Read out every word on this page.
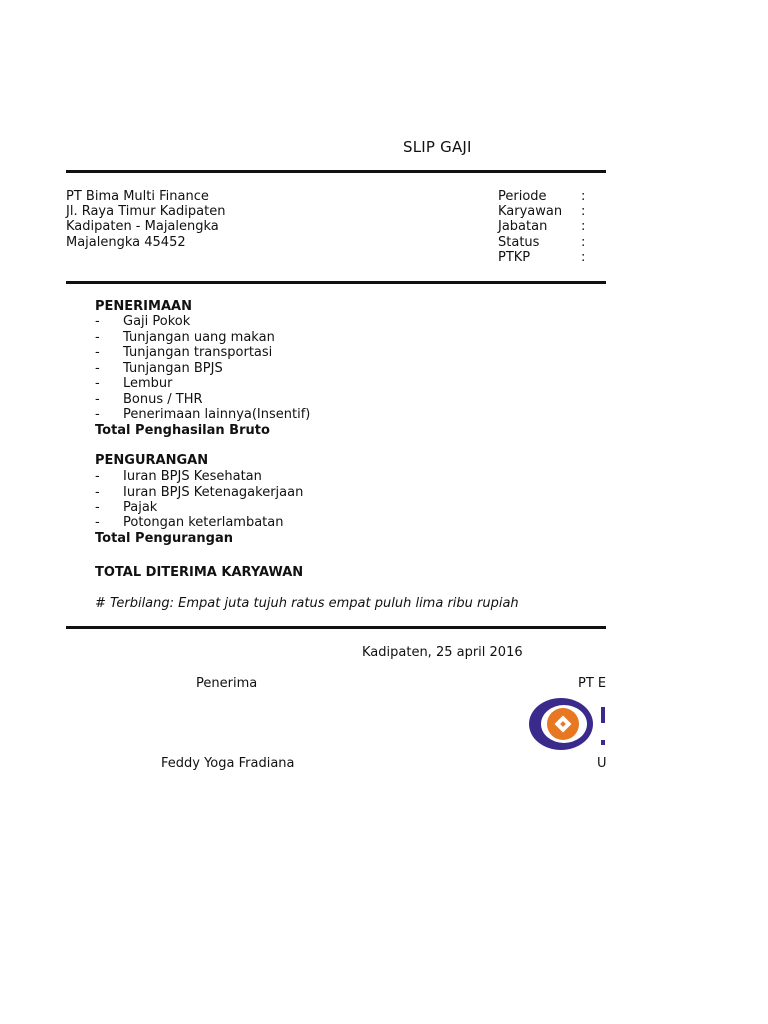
SLIP GAJI
PT Bima Multi Finance
Jl. Raya Timur Kadipaten
Kadipaten - Majalengka
Majalengka 45452
Periode	:
Karyawan :
Jabatan	:
Status	:
PTKP	:
PENERIMAAN
- Gaji Pokok
- Tunjangan uang makan
- Tunjangan transportasi
- Tunjangan BPJS
- Lembur
- Bonus / THR
- Penerimaan lainnya(Insentif)
Total Penghasilan Bruto
PENGURANGAN
- Iuran BPJS Kesehatan
- Iuran BPJS Ketenagakerjaan
- Pajak
- Potongan keterlambatan
Total Pengurangan
TOTAL DITERIMA KARYAWAN
# Terbilang: Empat juta tujuh ratus empat puluh lima ribu rupiah
Kadipaten, 25 april 2016
Penerima	PT E
Feddy Yoga Fradiana	U
